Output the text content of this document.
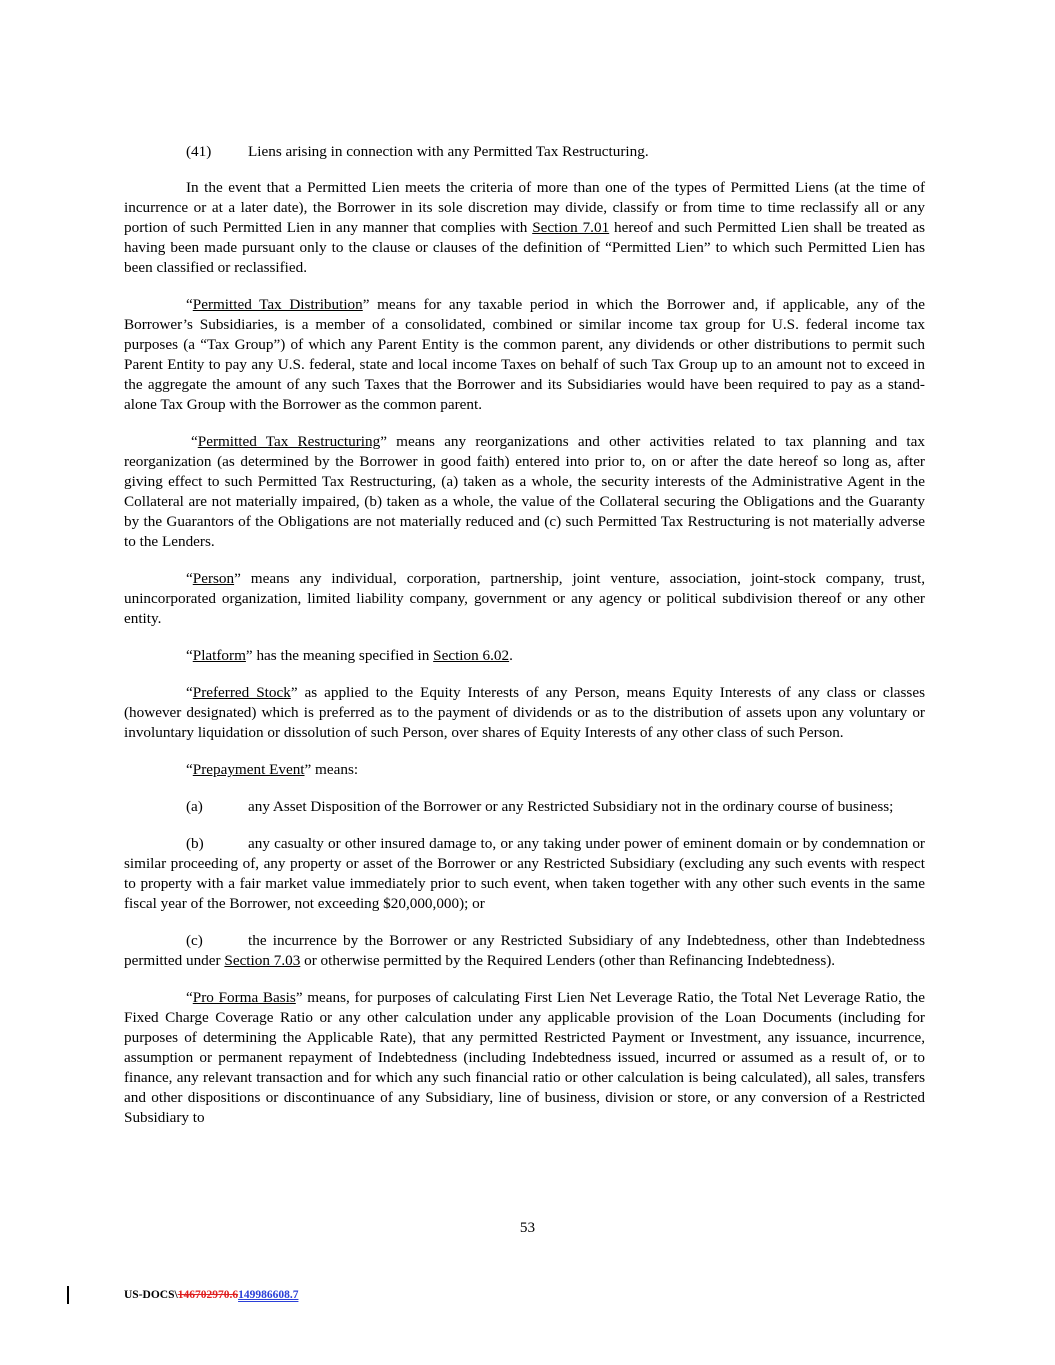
(41) Liens arising in connection with any Permitted Tax Restructuring.

In the event that a Permitted Lien meets the criteria of more than one of the types of Permitted Liens (at the time of incurrence or at a later date), the Borrower in its sole discretion may divide, classify or from time to time reclassify all or any portion of such Permitted Lien in any manner that complies with Section 7.01 hereof and such Permitted Lien shall be treated as having been made pursuant only to the clause or clauses of the definition of “Permitted Lien” to which such Permitted Lien has been classified or reclassified.

“Permitted Tax Distribution” means for any taxable period in which the Borrower and, if applicable, any of the Borrower’s Subsidiaries, is a member of a consolidated, combined or similar income tax group for U.S. federal income tax purposes (a “Tax Group”) of which any Parent Entity is the common parent, any dividends or other distributions to permit such Parent Entity to pay any U.S. federal, state and local income Taxes on behalf of such Tax Group up to an amount not to exceed in the aggregate the amount of any such Taxes that the Borrower and its Subsidiaries would have been required to pay as a stand-alone Tax Group with the Borrower as the common parent.

“Permitted Tax Restructuring” means any reorganizations and other activities related to tax planning and tax reorganization (as determined by the Borrower in good faith) entered into prior to, on or after the date hereof so long as, after giving effect to such Permitted Tax Restructuring, (a) taken as a whole, the security interests of the Administrative Agent in the Collateral are not materially impaired, (b) taken as a whole, the value of the Collateral securing the Obligations and the Guaranty by the Guarantors of the Obligations are not materially reduced and (c) such Permitted Tax Restructuring is not materially adverse to the Lenders.

“Person” means any individual, corporation, partnership, joint venture, association, joint-stock company, trust, unincorporated organization, limited liability company, government or any agency or political subdivision thereof or any other entity.

“Platform” has the meaning specified in Section 6.02.

“Preferred Stock” as applied to the Equity Interests of any Person, means Equity Interests of any class or classes (however designated) which is preferred as to the payment of dividends or as to the distribution of assets upon any voluntary or involuntary liquidation or dissolution of such Person, over shares of Equity Interests of any other class of such Person.

“Prepayment Event” means:

(a)	any Asset Disposition of the Borrower or any Restricted Subsidiary not in the ordinary course of business;

(b)	any casualty or other insured damage to, or any taking under power of eminent domain or by condemnation or similar proceeding of, any property or asset of the Borrower or any Restricted Subsidiary (excluding any such events with respect to property with a fair market value immediately prior to such event, when taken together with any other such events in the same fiscal year of the Borrower, not exceeding $20,000,000); or

(c)	the incurrence by the Borrower or any Restricted Subsidiary of any Indebtedness, other than Indebtedness permitted under Section 7.03 or otherwise permitted by the Required Lenders (other than Refinancing Indebtedness).

“Pro Forma Basis” means, for purposes of calculating First Lien Net Leverage Ratio, the Total Net Leverage Ratio, the Fixed Charge Coverage Ratio or any other calculation under any applicable provision of the Loan Documents (including for purposes of determining the Applicable Rate), that any permitted Restricted Payment or Investment, any issuance, incurrence, assumption or permanent repayment of Indebtedness (including Indebtedness issued, incurred or assumed as a result of, or to finance, any relevant transaction and for which any such financial ratio or other calculation is being calculated), all sales, transfers and other dispositions or discontinuance of any Subsidiary, line of business, division or store, or any conversion of a Restricted Subsidiary to

53
US-DOCS\146702970.6149986608.7
